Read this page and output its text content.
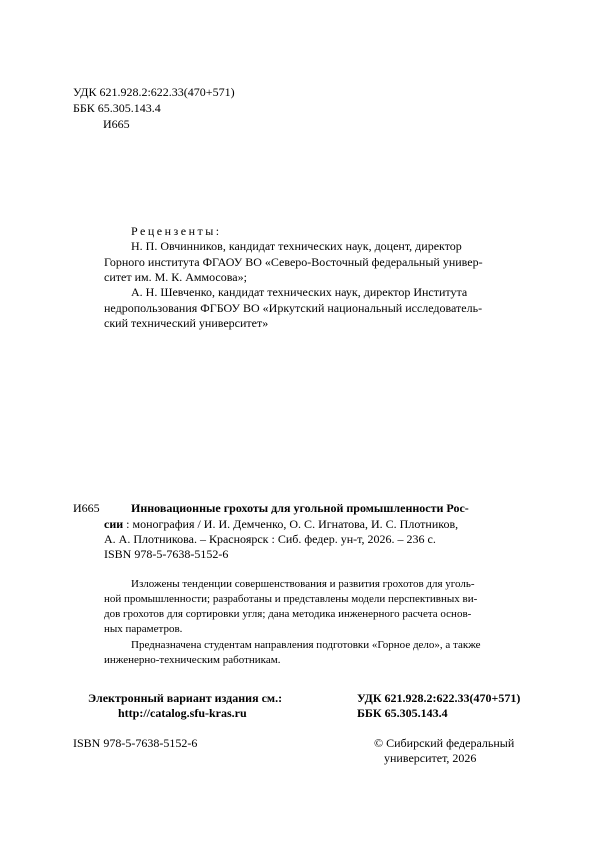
УДК 621.928.2:622.33(470+571)
ББК 65.305.143.4
И665
Рецензенты:
Н. П. Овчинников, кандидат технических наук, доцент, директор
Горного института ФГАОУ ВО «Северо-Восточный федеральный универ-
ситет им. М. К. Аммосова»;
А. Н. Шевченко, кандидат технических наук, директор Института
недропользования ФГБОУ ВО «Иркутский национальный исследователь-
ский технический университет»
И665	Инновационные грохоты для угольной промышленности Рос-
сии : монография / И. И. Демченко, О. С. Игнатова, И. С. Плотников,
А. А. Плотникова. – Красноярск : Сиб. федер. ун-т, 2026. – 236 с.
ISBN 978-5-7638-5152-6
Изложены тенденции совершенствования и развития грохотов для уголь-
ной промышленности; разработаны и представлены модели перспективных ви-
дов грохотов для сортировки угля; дана методика инженерного расчета основ-
ных параметров.
Предназначена студентам направления подготовки «Горное дело», а также
инженерно-техническим работникам.
Электронный вариант издания см.:
http://catalog.sfu-kras.ru
УДК 621.928.2:622.33(470+571)
ББК 65.305.143.4
ISBN 978-5-7638-5152-6	© Сибирский федеральный
университет, 2026
